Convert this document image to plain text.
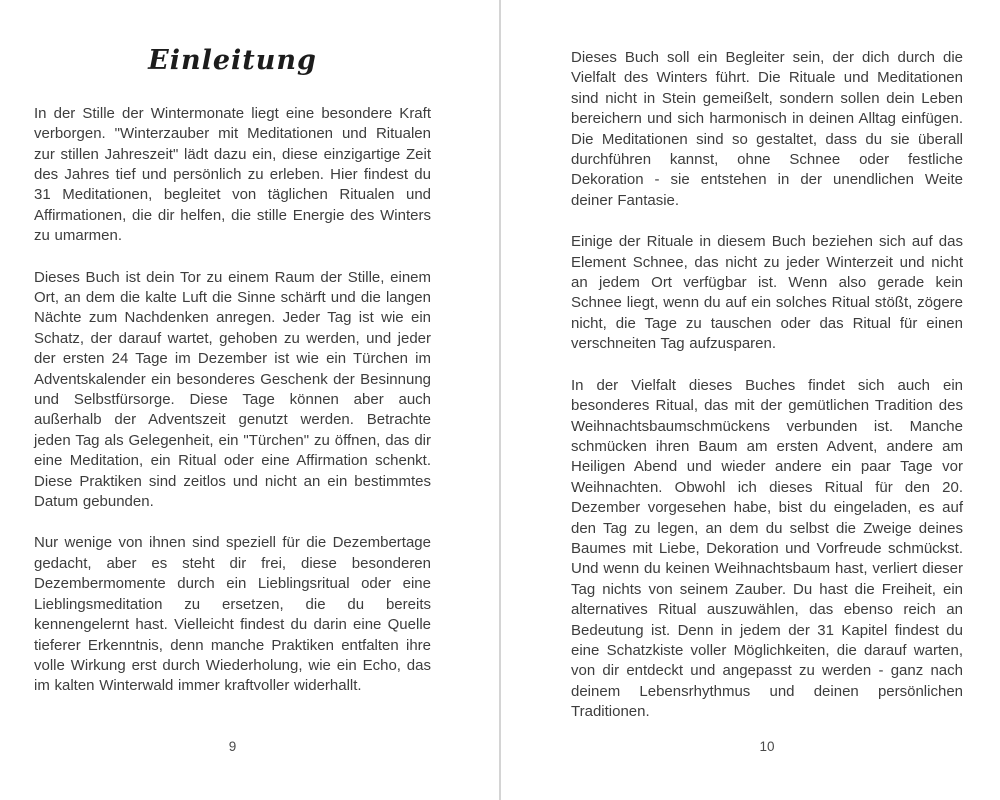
Einleitung

In der Stille der Wintermonate liegt eine besondere Kraft verborgen. "Winterzauber mit Meditationen und Ritualen zur stillen Jahreszeit" lädt dazu ein, diese einzigartige Zeit des Jahres tief und persönlich zu erleben. Hier findest du 31 Meditationen, begleitet von täglichen Ritualen und Affirmationen, die dir helfen, die stille Energie des Winters zu umarmen.

Dieses Buch ist dein Tor zu einem Raum der Stille, einem Ort, an dem die kalte Luft die Sinne schärft und die langen Nächte zum Nachdenken anregen. Jeder Tag ist wie ein Schatz, der darauf wartet, gehoben zu werden, und jeder der ersten 24 Tage im Dezember ist wie ein Türchen im Adventskalender ein besonderes Geschenk der Besinnung und Selbstfürsorge. Diese Tage können aber auch außerhalb der Adventszeit genutzt werden. Betrachte jeden Tag als Gelegenheit, ein "Türchen" zu öffnen, das dir eine Meditation, ein Ritual oder eine Affirmation schenkt. Diese Praktiken sind zeitlos und nicht an ein bestimmtes Datum gebunden.

Nur wenige von ihnen sind speziell für die Dezembertage gedacht, aber es steht dir frei, diese besonderen Dezembermomente durch ein Lieblingsritual oder eine Lieblingsmeditation zu ersetzen, die du bereits kennengelernt hast. Vielleicht findest du darin eine Quelle tieferer Erkenntnis, denn manche Praktiken entfalten ihre volle Wirkung erst durch Wiederholung, wie ein Echo, das im kalten Winterwald immer kraftvoller widerhallt.

9

Dieses Buch soll ein Begleiter sein, der dich durch die Vielfalt des Winters führt. Die Rituale und Meditationen sind nicht in Stein gemeißelt, sondern sollen dein Leben bereichern und sich harmonisch in deinen Alltag einfügen. Die Meditationen sind so gestaltet, dass du sie überall durchführen kannst, ohne Schnee oder festliche Dekoration - sie entstehen in der unendlichen Weite deiner Fantasie.

Einige der Rituale in diesem Buch beziehen sich auf das Element Schnee, das nicht zu jeder Winterzeit und nicht an jedem Ort verfügbar ist. Wenn also gerade kein Schnee liegt, wenn du auf ein solches Ritual stößt, zögere nicht, die Tage zu tauschen oder das Ritual für einen verschneiten Tag aufzusparen.

In der Vielfalt dieses Buches findet sich auch ein besonderes Ritual, das mit der gemütlichen Tradition des Weihnachtsbaumschmückens verbunden ist. Manche schmücken ihren Baum am ersten Advent, andere am Heiligen Abend und wieder andere ein paar Tage vor Weihnachten. Obwohl ich dieses Ritual für den 20. Dezember vorgesehen habe, bist du eingeladen, es auf den Tag zu legen, an dem du selbst die Zweige deines Baumes mit Liebe, Dekoration und Vorfreude schmückst. Und wenn du keinen Weihnachtsbaum hast, verliert dieser Tag nichts von seinem Zauber. Du hast die Freiheit, ein alternatives Ritual auszuwählen, das ebenso reich an Bedeutung ist. Denn in jedem der 31 Kapitel findest du eine Schatzkiste voller Möglichkeiten, die darauf warten, von dir entdeckt und angepasst zu werden - ganz nach deinem Lebensrhythmus und deinen persönlichen Traditionen.

10
